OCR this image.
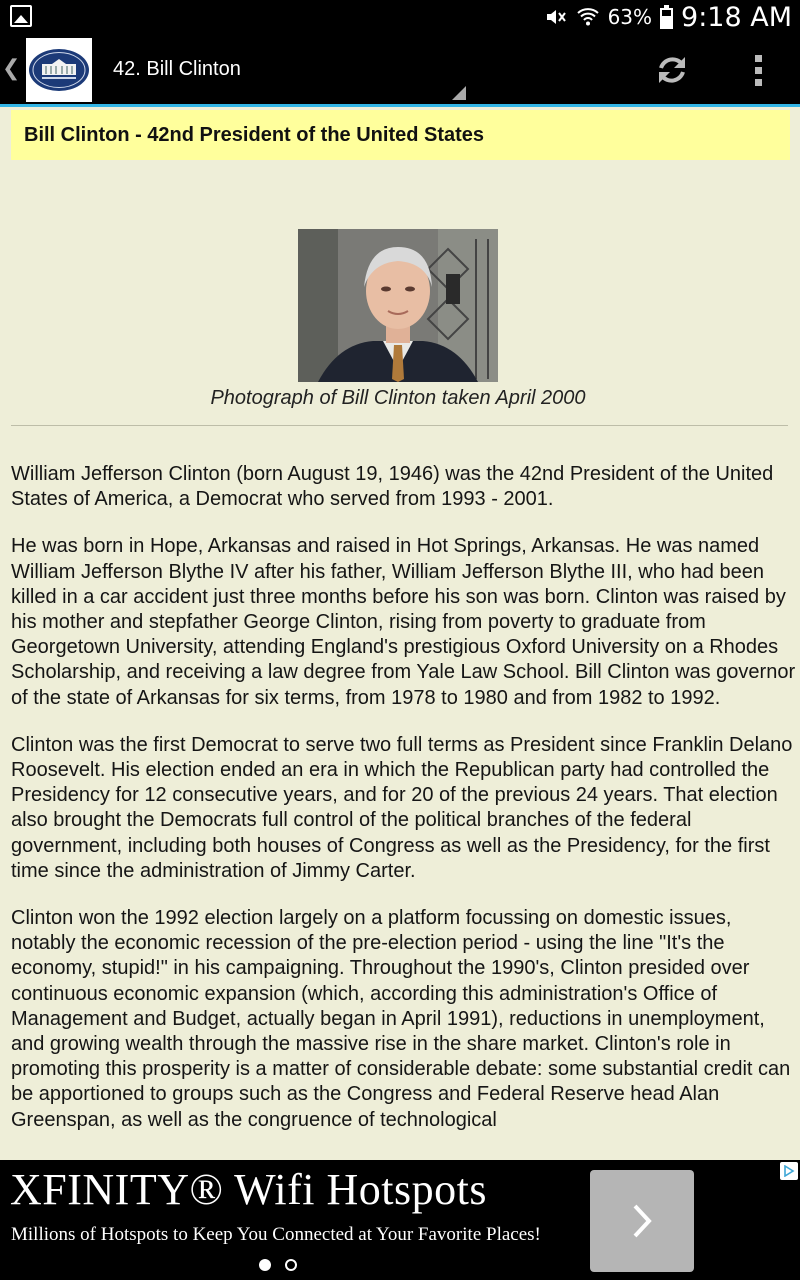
63% 9:18 AM
❮	42. Bill Clinton
Bill Clinton - 42nd President of the United States
Photograph of Bill Clinton taken April 2000

William Jefferson Clinton (born August 19, 1946) was the 42nd President of the United States of America, a Democrat who served from 1993 - 2001.

He was born in Hope, Arkansas and raised in Hot Springs, Arkansas. He was named William Jefferson Blythe IV after his father, William Jefferson Blythe III, who had been killed in a car accident just three months before his son was born. Clinton was raised by his mother and stepfather George Clinton, rising from poverty to graduate from Georgetown University, attending England's prestigious Oxford University on a Rhodes Scholarship, and receiving a law degree from Yale Law School. Bill Clinton was governor of the state of Arkansas for six terms, from 1978 to 1980 and from 1982 to 1992.

Clinton was the first Democrat to serve two full terms as President since Franklin Delano Roosevelt. His election ended an era in which the Republican party had controlled the Presidency for 12 consecutive years, and for 20 of the previous 24 years. That election also brought the Democrats full control of the political branches of the federal government, including both houses of Congress as well as the Presidency, for the first time since the administration of Jimmy Carter.

Clinton won the 1992 election largely on a platform focussing on domestic issues, notably the economic recession of the pre-election period - using the line "It's the economy, stupid!" in his campaigning. Throughout the 1990's, Clinton presided over continuous economic expansion (which, according this administration's Office of Management and Budget, actually began in April 1991), reductions in unemployment, and growing wealth through the massive rise in the share market. Clinton's role in promoting this prosperity is a matter of considerable debate: some substantial credit can be apportioned to groups such as the Congress and Federal Reserve head Alan Greenspan, as well as the congruence of technological

XFINITY® Wifi Hotspots
Millions of Hotspots to Keep You Connected at Your Favorite Places!
